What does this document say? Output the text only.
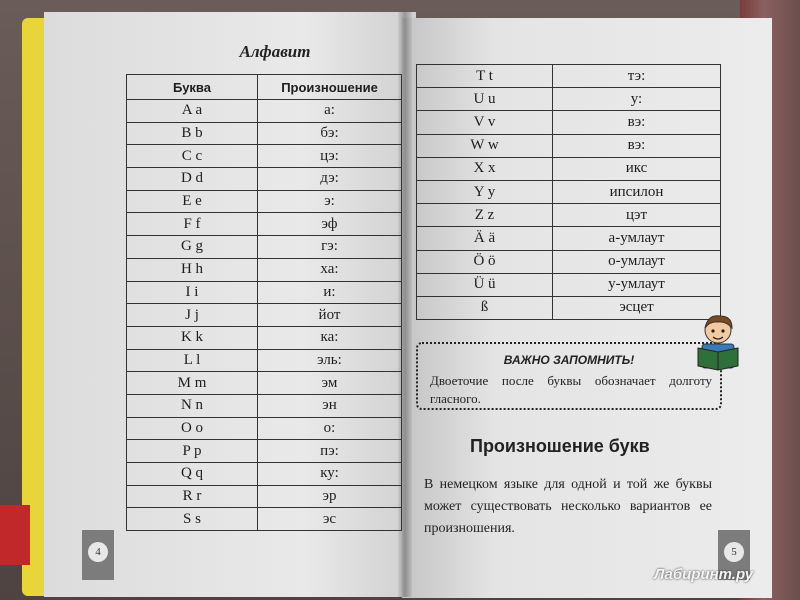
Алфавит
Буква	Произношение
A a	а:
B b	бэ:
C c	цэ:
D d	дэ:
E e	э:
F f	эф
G g	гэ:
H h	ха:
I i	и:
J j	йот
K k	ка:
L l	эль:
M m	эм
N n	эн
O o	о:
P p	пэ:
Q q	ку:
R r	эр
S s	эс
T t	тэ:
U u	у:
V v	вэ:
W w	вэ:
X x	икс
Y y	ипсилон
Z z	цэт
Ä ä	а-умлаут
Ö ö	о-умлаут
Ü ü	у-умлаут
ß	эсцет
ВАЖНО ЗАПОМНИТЬ!
Двоеточие после буквы обозначает долготу гласного.
Произношение букв
В немецком языке для одной и той же буквы может существовать несколько вариантов ее произношения.
4	5
Лабиринт.ру
